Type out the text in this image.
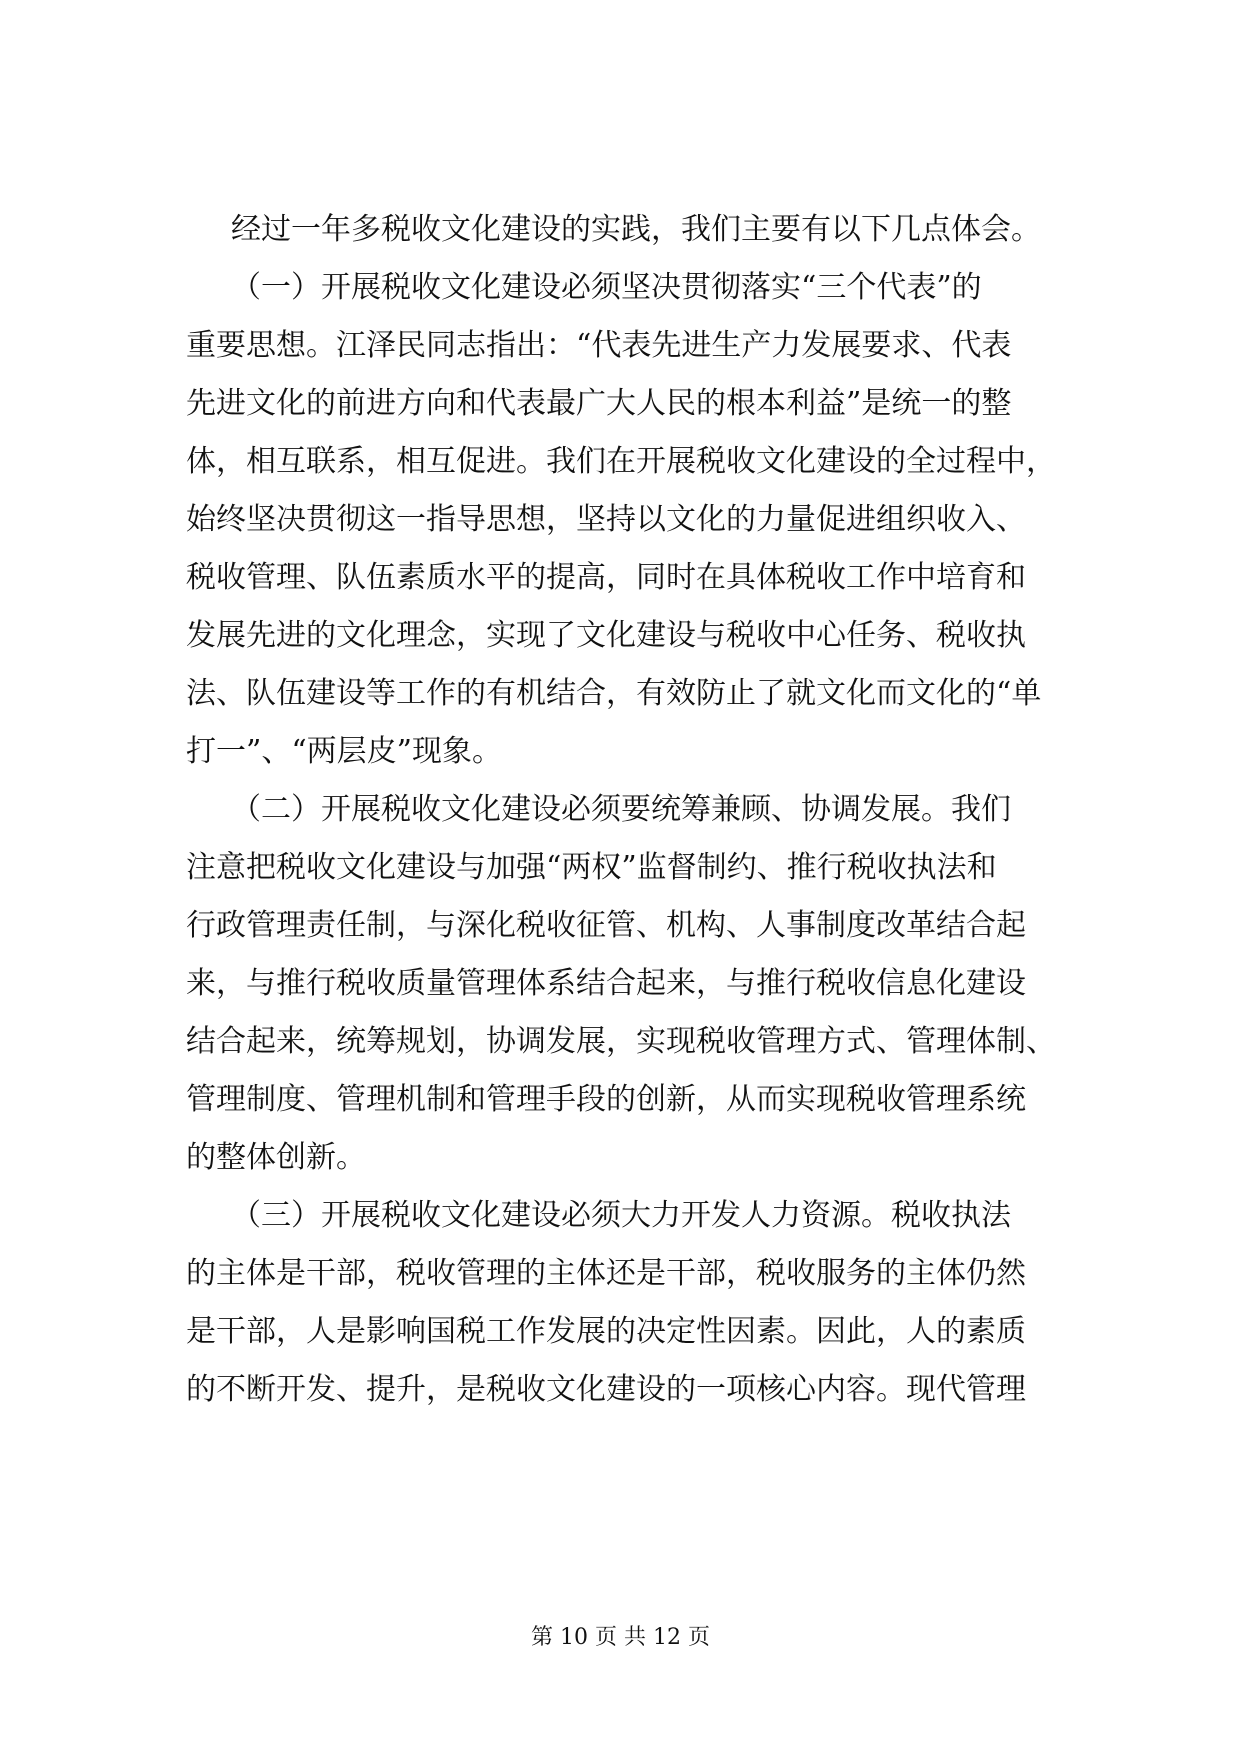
经过一年多税收文化建设的实践，我们主要有以下几点体会。
（一）开展税收文化建设必须坚决贯彻落实“三个代表”的
重要思想。江泽民同志指出：“代表先进生产力发展要求、代表
先进文化的前进方向和代表最广大人民的根本利益”是统一的整
体，相互联系，相互促进。我们在开展税收文化建设的全过程中，
始终坚决贯彻这一指导思想，坚持以文化的力量促进组织收入、
税收管理、队伍素质水平的提高，同时在具体税收工作中培育和
发展先进的文化理念，实现了文化建设与税收中心任务、税收执
法、队伍建设等工作的有机结合，有效防止了就文化而文化的“单
打一”、“两层皮”现象。
（二）开展税收文化建设必须要统筹兼顾、协调发展。我们
注意把税收文化建设与加强“两权”监督制约、推行税收执法和
行政管理责任制，与深化税收征管、机构、人事制度改革结合起
来，与推行税收质量管理体系结合起来，与推行税收信息化建设
结合起来，统筹规划，协调发展，实现税收管理方式、管理体制、
管理制度、管理机制和管理手段的创新，从而实现税收管理系统
的整体创新。
（三）开展税收文化建设必须大力开发人力资源。税收执法
的主体是干部，税收管理的主体还是干部，税收服务的主体仍然
是干部，人是影响国税工作发展的决定性因素。因此，人的素质
的不断开发、提升，是税收文化建设的一项核心内容。现代管理
第 10 页 共 12 页
